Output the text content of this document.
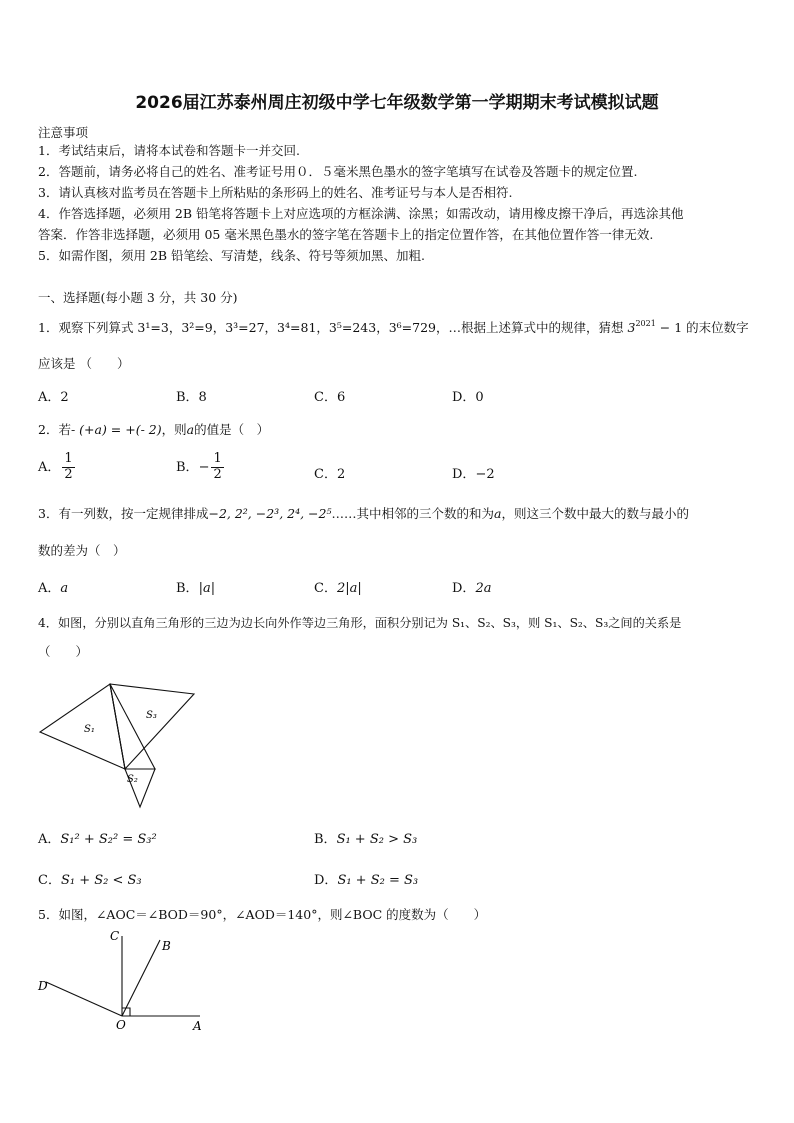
2026届江苏泰州周庄初级中学七年级数学第一学期期末考试模拟试题
注意事项
1．考试结束后，请将本试卷和答题卡一并交回.
2．答题前，请务必将自己的姓名、准考证号用０．５毫米黑色墨水的签字笔填写在试卷及答题卡的规定位置.
3．请认真核对监考员在答题卡上所粘贴的条形码上的姓名、准考证号与本人是否相符.
4．作答选择题，必须用 2B 铅笔将答题卡上对应选项的方框涂满、涂黑；如需改动，请用橡皮擦干净后，再选涂其他
答案．作答非选择题，必须用 05 毫米黑色墨水的签字笔在答题卡上的指定位置作答，在其他位置作答一律无效.
5．如需作图，须用 2B 铅笔绘、写清楚，线条、符号等须加黑、加粗.
一、选择题(每小题 3 分，共 30 分)
1．观察下列算式 3¹=3，3²=9，3³=27，3⁴=81，3⁵=243，3⁶=729，…根据上述算式中的规律，猜想 $3^{2021} - 1$ 的末位数字
应该是 （　　）
A．2	B．8	C．6	D．0
2．若- (+a) = +(- 2)，则a的值是（　）
A． $\frac{1}{2}$	B．− $\frac{1}{2}$	C．2	D．−2
3．有一列数，按一定规律排成−2, 2², −2³, 2⁴, −2⁵……其中相邻的三个数的和为a，则这三个数中最大的数与最小的
数的差为（　）
A．a	B．|a|	C．2|a|	D．2a
4．如图，分别以直角三角形的三边为边长向外作等边三角形，面积分别记为 S₁、S₂、S₃，则 S₁、S₂、S₃之间的关系是
（　　）
S₁
S₃
S₂
A．S₁² + S₂² = S₃²	B．S₁ + S₂ > S₃
C．S₁ + S₂ < S₃	D．S₁ + S₂ = S₃
5．如图，∠AOC＝∠BOD＝90°，∠AOD＝140°，则∠BOC 的度数为（　　）
C
B
D
O	A
